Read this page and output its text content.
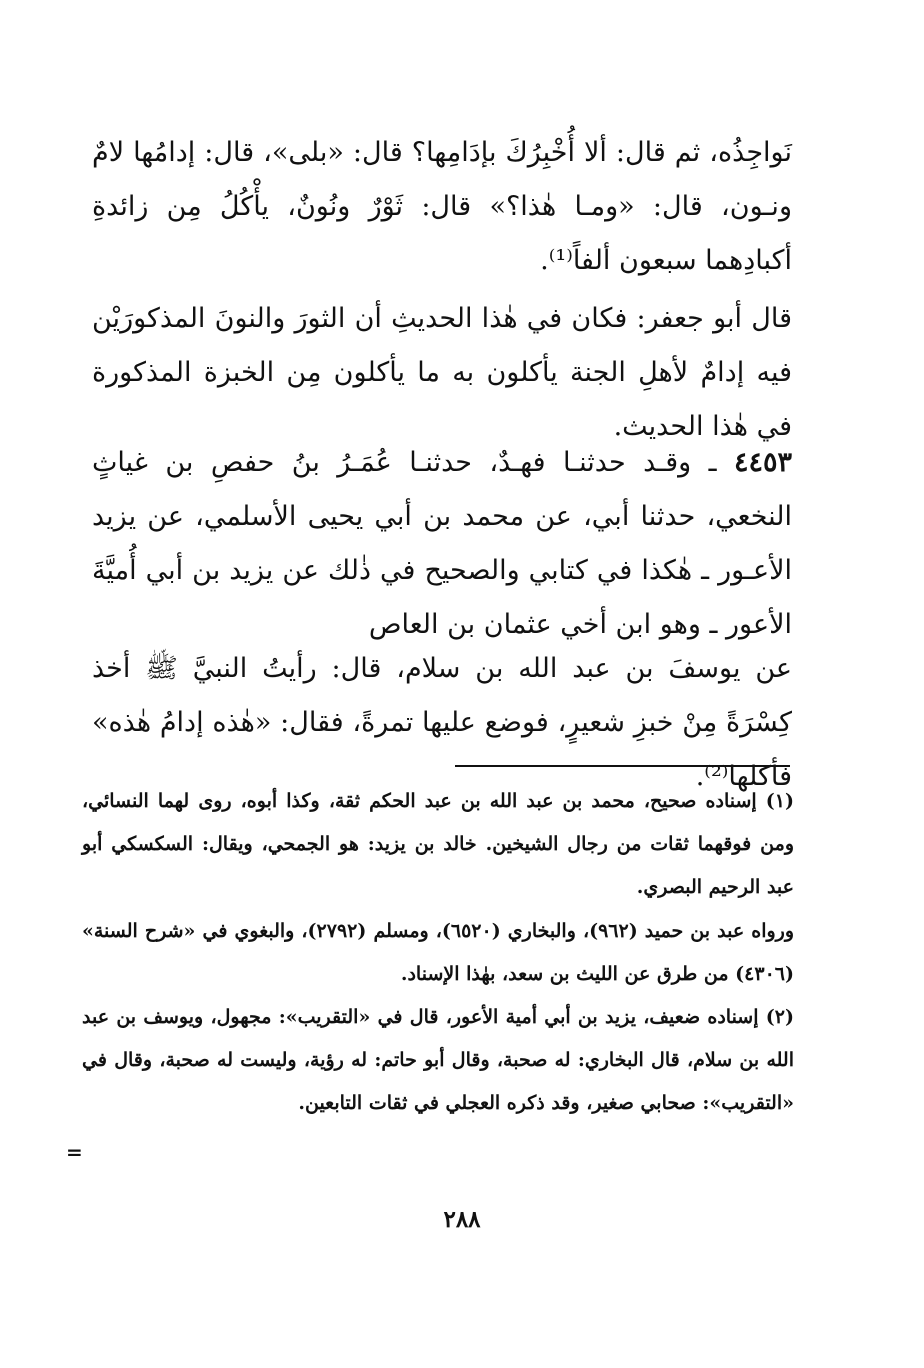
نَواجِذُه، ثم قال: ألا أُخْبِرُكَ بإدَامِها؟ قال: «بلى»، قال: إدامُها لامٌ ونـون، قال: «ومـا هٰذا؟» قال: ثَوْرٌ ونُونٌ، يأْكُلُ مِن زائدةِ أكبادِهما سبعون ألفاً⁽¹⁾.

قال أبو جعفر: فكان في هٰذا الحديثِ أن الثورَ والنونَ المذكورَيْن فيه إدامٌ لأهلِ الجنة يأكلون به ما يأكلون مِن الخبزة المذكورة في هٰذا الحديث.

٤٤٥٣ ـ وقـد حدثنـا فهـدٌ، حدثنـا عُمَـرُ بنُ حفصِ بن غياثٍ النخعي، حدثنا أبي، عن محمد بن أبي يحيى الأسلمي، عن يزيد الأعـور ـ هٰكذا في كتابي والصحيح في ذٰلك عن يزيد بن أبي أُميَّةَ الأعور ـ وهو ابن أخي عثمان بن العاص

عن يوسفَ بن عبد الله بن سلام، قال: رأيتُ النبيَّ ﷺ أخذ كِسْرَةً مِنْ خبزِ شعيرٍ، فوضع عليها تمرةً، فقال: «هٰذه إدامُ هٰذه» فأكلها⁽²⁾.

(١) إسناده صحيح، محمد بن عبد الله بن عبد الحكم ثقة، وكذا أبوه، روى لهما النسائي، ومن فوقهما ثقات من رجال الشيخين. خالد بن يزيد: هو الجمحي، ويقال: السكسكي أبو عبد الرحيم البصري.

ورواه عبد بن حميد (٩٦٢)، والبخاري (٦٥٢٠)، ومسلم (٢٧٩٢)، والبغوي في «شرح السنة» (٤٣٠٦) من طرق عن الليث بن سعد، بهٰذا الإسناد.

(٢) إسناده ضعيف، يزيد بن أبي أمية الأعور، قال في «التقريب»: مجهول، ويوسف بن عبد الله بن سلام، قال البخاري: له صحبة، وقال أبو حاتم: له رؤية، وليست له صحبة، وقال في «التقريب»: صحابي صغير، وقد ذكره العجلي في ثقات التابعين.

=
٢٨٨
